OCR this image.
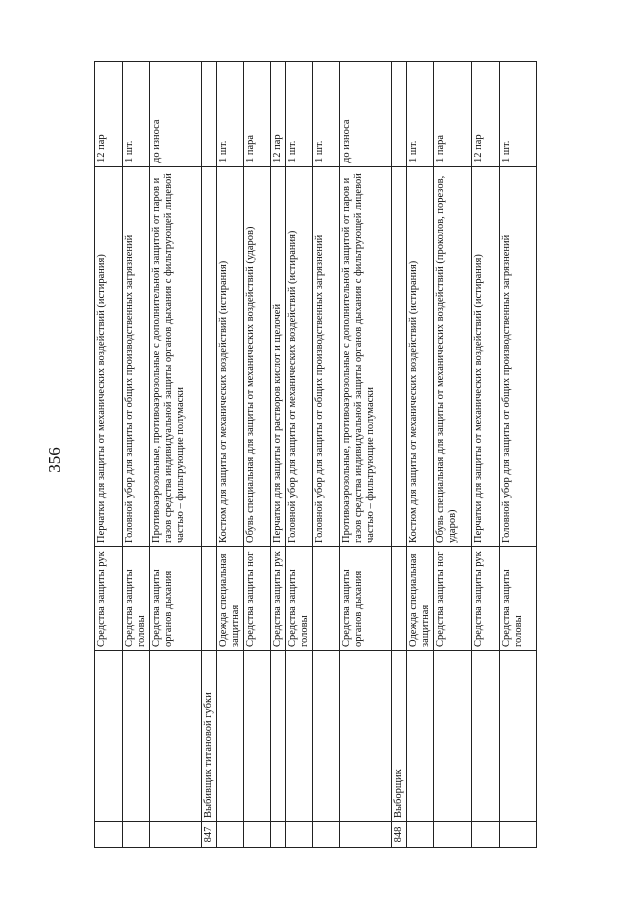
356
		Средства защиты рук	Перчатки для защиты от механических воздействий (истирания)	12 пар
		Средства защиты головы	Головной убор для защиты от общих производственных загрязнений	1 шт.
		Средства защиты органов дыхания	Противоаэрозольные, противоаэрозольные с дополнительной защитой от паров и газов средства индивидуальной защиты органов дыхания с фильтрующей лицевой частью – фильтрующие полумаски	до износа
847	Выбивщик титановой губки			
		Одежда специальная защитная	Костюм для защиты от механических воздействий (истирания)	1 шт.
		Средства защиты ног	Обувь специальная для защиты от механических воздействий (ударов)	1 пара
		Средства защиты рук	Перчатки для защиты от растворов кислот и щелочей	12 пар
		Средства защиты головы	Головной убор для защиты от механических воздействий (истирания)	1 шт.
			Головной убор для защиты от общих производственных загрязнений	1 шт.
		Средства защиты органов дыхания	Противоаэрозольные, противоаэрозольные с дополнительной защитой от паров и газов средства индивидуальной защиты органов дыхания с фильтрующей лицевой частью – фильтрующие полумаски	до износа
848	Выборщик			
		Одежда специальная защитная	Костюм для защиты от механических воздействий (истирания)	1 шт.
		Средства защиты ног	Обувь специальная для защиты от механических воздействий (проколов, порезов, ударов)	1 пара
		Средства защиты рук	Перчатки для защиты от механических воздействий (истирания)	12 пар
		Средства защиты головы	Головной убор для защиты от общих производственных загрязнений	1 шт.
